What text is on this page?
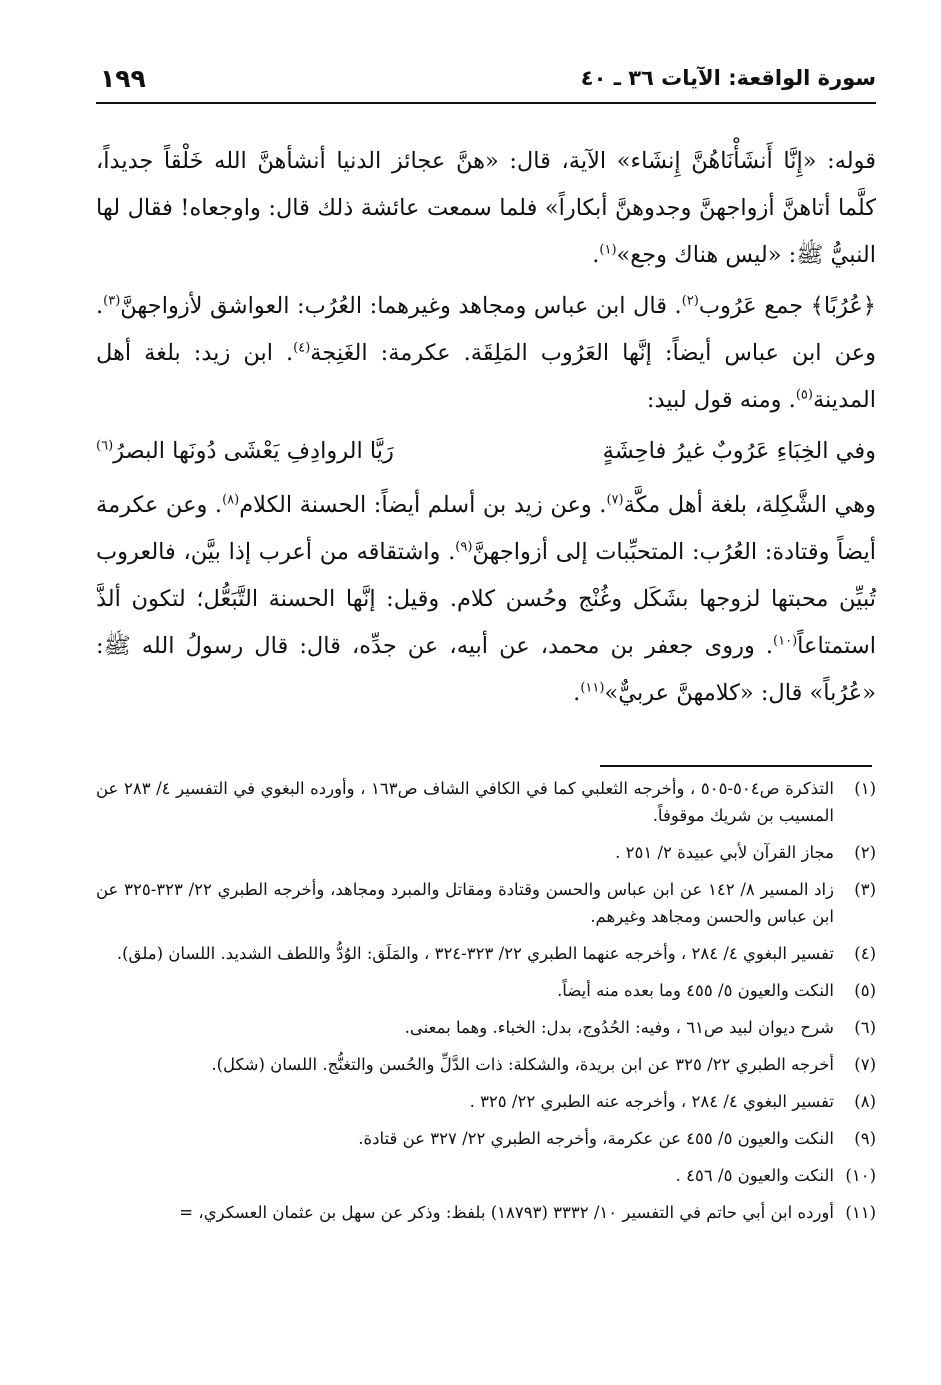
سورة الواقعة: الآيات ٣٦ ـ ٤٠
١٩٩

قوله: «إِنَّا أَنشَأْنَاهُنَّ إِنشَاء» الآية، قال: «هنَّ عجائز الدنيا أنشأهنَّ الله خَلْقاً جديداً، كلَّما أتاهنَّ أزواجهنَّ وجدوهنَّ أبكاراً» فلما سمعت عائشة ذلك قال: واوجعاه! فقال لها النبيُّ ﷺ: «ليس هناك وجع»$^{(١)}$.

﴿عُرُبًا﴾ جمع عَرُوب$^{(٢)}$. قال ابن عباس ومجاهد وغيرهما: العُرُب: العواشق لأزواجهنَّ$^{(٣)}$. وعن ابن عباس أيضاً: إنَّها العَرُوب المَلِقَة. عكرمة: الغَنِجة$^{(٤)}$. ابن زيد: بلغة أهل المدينة$^{(٥)}$. ومنه قول لبيد:

وفي الخِبَاءِ عَرُوبٌ غيرُ فاحِشَةٍ
رَيَّا الروادِفِ يَعْشَى دُونَها البصرُ$^{(٦)}$

وهي الشَّكِلة، بلغة أهل مكَّة$^{(٧)}$. وعن زيد بن أسلم أيضاً: الحسنة الكلام$^{(٨)}$. وعن عكرمة أيضاً وقتادة: العُرُب: المتحبِّبات إلى أزواجهنَّ$^{(٩)}$. واشتقاقه من أعرب إذا بيَّن، فالعروب تُبيِّن محبتها لزوجها بشَكَل وغُنْج وحُسن كلام. وقيل: إنَّها الحسنة التَّبَعُّل؛ لتكون ألذَّ استمتاعاً$^{(١٠)}$. وروى جعفر بن محمد، عن أبيه، عن جدِّه، قال: قال رسولُ الله ﷺ: «عُرُباً» قال: «كلامهنَّ عربيٌّ»$^{(١١)}$.

(١)
التذكرة ص٥٠٤-٥٠٥ ، وأخرجه الثعلبي كما في الكافي الشاف ص١٦٣ ، وأورده البغوي في التفسير ٤/ ٢٨٣ عن المسيب بن شريك موقوفاً.
(٢)
مجاز القرآن لأبي عبيدة ٢/ ٢٥١ .
(٣)
زاد المسير ٨/ ١٤٢ عن ابن عباس والحسن وقتادة ومقاتل والمبرد ومجاهد، وأخرجه الطبري ٢٢/ ٣٢٣-٣٢٥ عن ابن عباس والحسن ومجاهد وغيرهم.
(٤)
تفسير البغوي ٤/ ٢٨٤ ، وأخرجه عنهما الطبري ٢٢/ ٣٢٣-٣٢٤ ، والمَلَق: الوُدُّ واللطف الشديد. اللسان (ملق).
(٥)
النكت والعيون ٥/ ٤٥٥ وما بعده منه أيضاً.
(٦)
شرح ديوان لبيد ص٦١ ، وفيه: الحُدُوج، بدل: الخباء. وهما بمعنى.
(٧)
أخرجه الطبري ٢٢/ ٣٢٥ عن ابن بريدة، والشكلة: ذات الدَّلِّ والحُسن والتغنُّج. اللسان (شكل).
(٨)
تفسير البغوي ٤/ ٢٨٤ ، وأخرجه عنه الطبري ٢٢/ ٣٢٥ .
(٩)
النكت والعيون ٥/ ٤٥٥ عن عكرمة، وأخرجه الطبري ٢٢/ ٣٢٧ عن قتادة.
(١٠)
النكت والعيون ٥/ ٤٥٦ .
(١١)
أورده ابن أبي حاتم في التفسير ١٠/ ٣٣٣٢ (١٨٧٩٣) بلفظ: وذكر عن سهل بن عثمان العسكري، =
